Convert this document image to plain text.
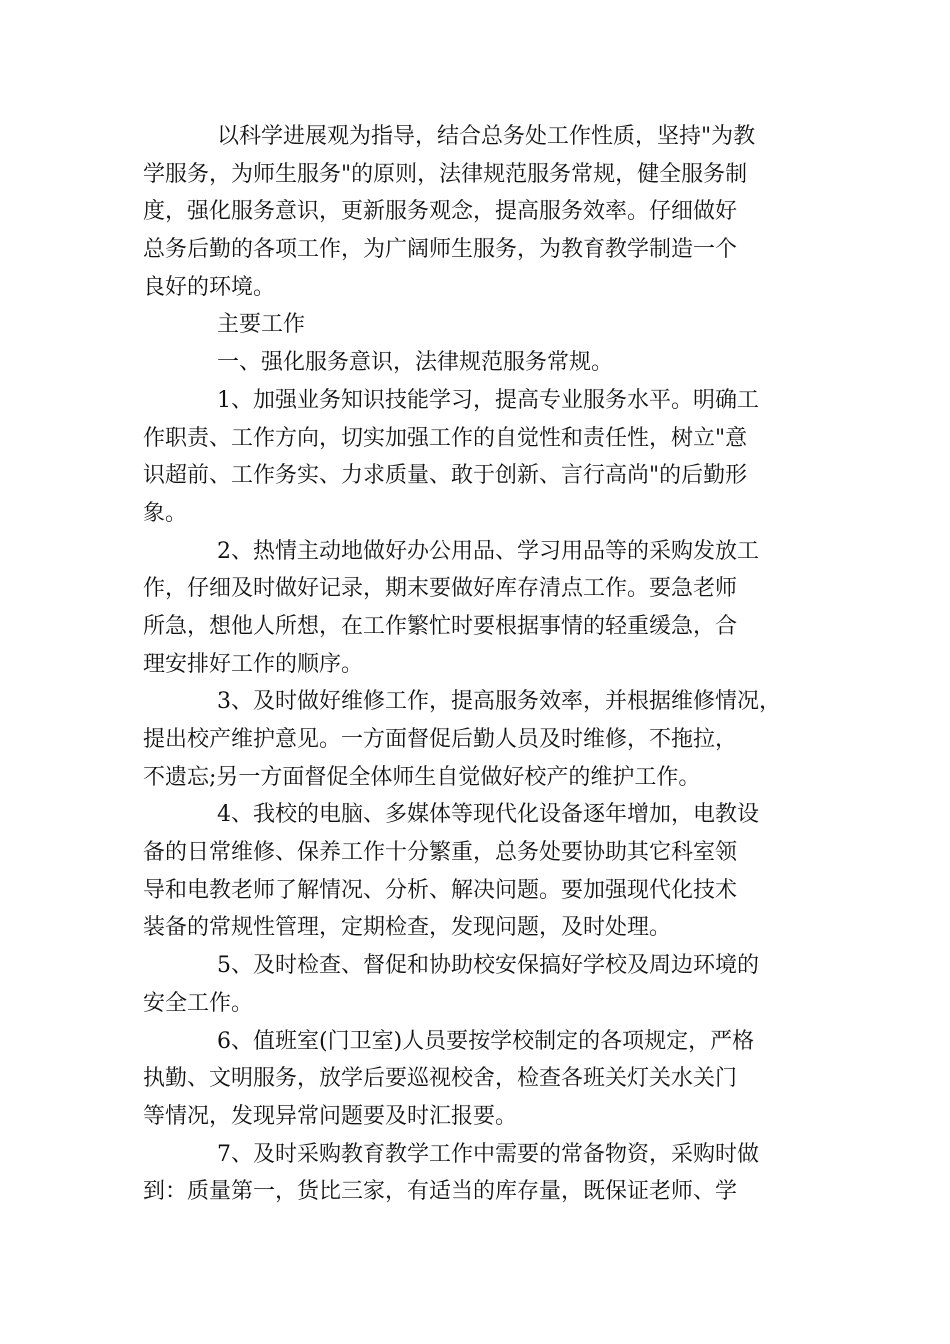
以科学进展观为指导，结合总务处工作性质，坚持"为教
学服务，为师生服务"的原则，法律规范服务常规，健全服务制
度，强化服务意识，更新服务观念，提高服务效率。仔细做好
总务后勤的各项工作，为广阔师生服务，为教育教学制造一个
良好的环境。
主要工作
一、强化服务意识，法律规范服务常规。
1、加强业务知识技能学习，提高专业服务水平。明确工
作职责、工作方向，切实加强工作的自觉性和责任性，树立"意
识超前、工作务实、力求质量、敢于创新、言行高尚"的后勤形
象。
2、热情主动地做好办公用品、学习用品等的采购发放工
作，仔细及时做好记录，期末要做好库存清点工作。要急老师
所急，想他人所想，在工作繁忙时要根据事情的轻重缓急，合
理安排好工作的顺序。
3、及时做好维修工作，提高服务效率，并根据维修情况，
提出校产维护意见。一方面督促后勤人员及时维修，不拖拉，
不遗忘;另一方面督促全体师生自觉做好校产的维护工作。
4、我校的电脑、多媒体等现代化设备逐年增加，电教设
备的日常维修、保养工作十分繁重，总务处要协助其它科室领
导和电教老师了解情况、分析、解决问题。要加强现代化技术
装备的常规性管理，定期检查，发现问题，及时处理。
5、及时检查、督促和协助校安保搞好学校及周边环境的
安全工作。
6、值班室(门卫室)人员要按学校制定的各项规定，严格
执勤、文明服务，放学后要巡视校舍，检查各班关灯关水关门
等情况，发现异常问题要及时汇报要。
7、及时采购教育教学工作中需要的常备物资，采购时做
到：质量第一，货比三家，有适当的库存量，既保证老师、学
